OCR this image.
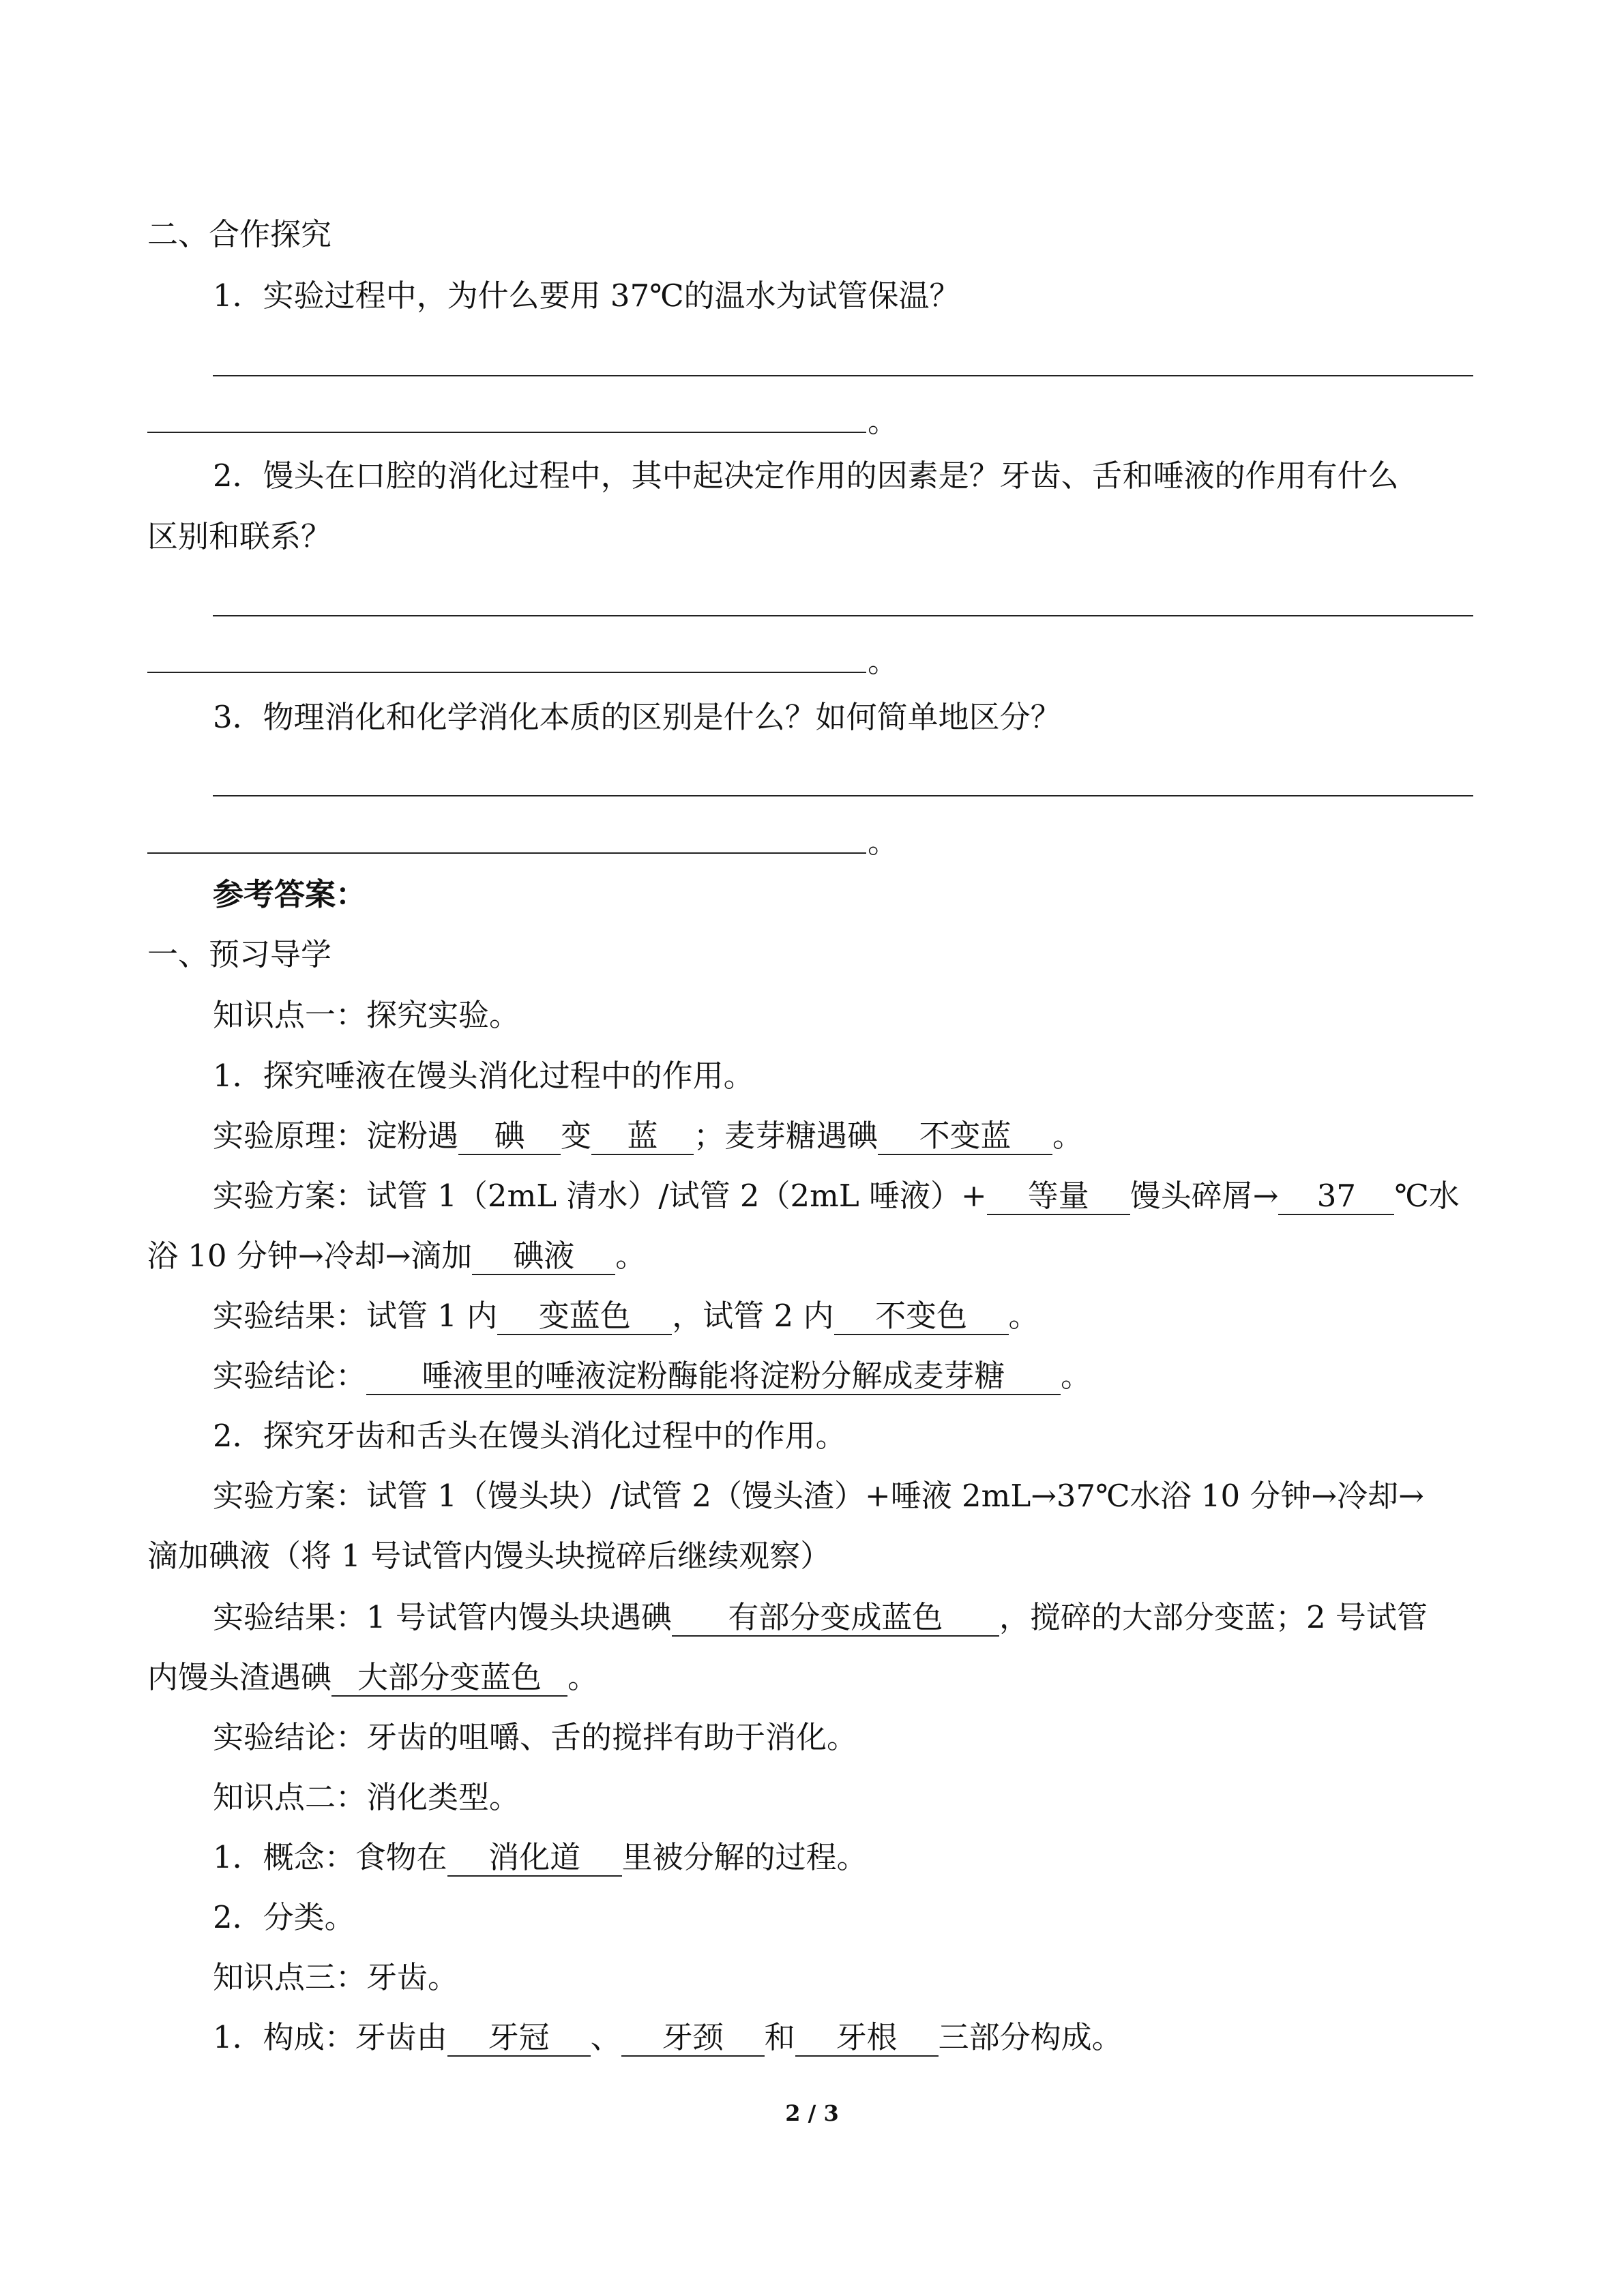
二、合作探究
1．实验过程中，为什么要用 37℃的温水为试管保温？
。
2．馒头在口腔的消化过程中，其中起决定作用的因素是？牙齿、舌和唾液的作用有什么
区别和联系？
。
3．物理消化和化学消化本质的区别是什么？如何简单地区分？
。
参考答案：
一、预习导学
知识点一：探究实验。
1．探究唾液在馒头消化过程中的作用。
实验原理：淀粉遇 碘 变 蓝 ；麦芽糖遇碘 不变蓝 。
实验方案：试管 1（2mL 清水）/试管 2（2mL 唾液）+ 等量 馒头碎屑→ 37 ℃水
浴 10 分钟→冷却→滴加 碘液 。
实验结果：试管 1 内 变蓝色 ，试管 2 内 不变色 。
实验结论： 唾液里的唾液淀粉酶能将淀粉分解成麦芽糖 。
2．探究牙齿和舌头在馒头消化过程中的作用。
实验方案：试管 1（馒头块）/试管 2（馒头渣）+唾液 2mL→37℃水浴 10 分钟→冷却→
滴加碘液（将 1 号试管内馒头块搅碎后继续观察）
实验结果：1 号试管内馒头块遇碘 有部分变成蓝色 ，搅碎的大部分变蓝；2 号试管
内馒头渣遇碘 大部分变蓝色 。
实验结论：牙齿的咀嚼、舌的搅拌有助于消化。
知识点二：消化类型。
1．概念：食物在 消化道 里被分解的过程。
2．分类。
知识点三：牙齿。
1．构成：牙齿由 牙冠 、 牙颈 和 牙根 三部分构成。
2 / 3
